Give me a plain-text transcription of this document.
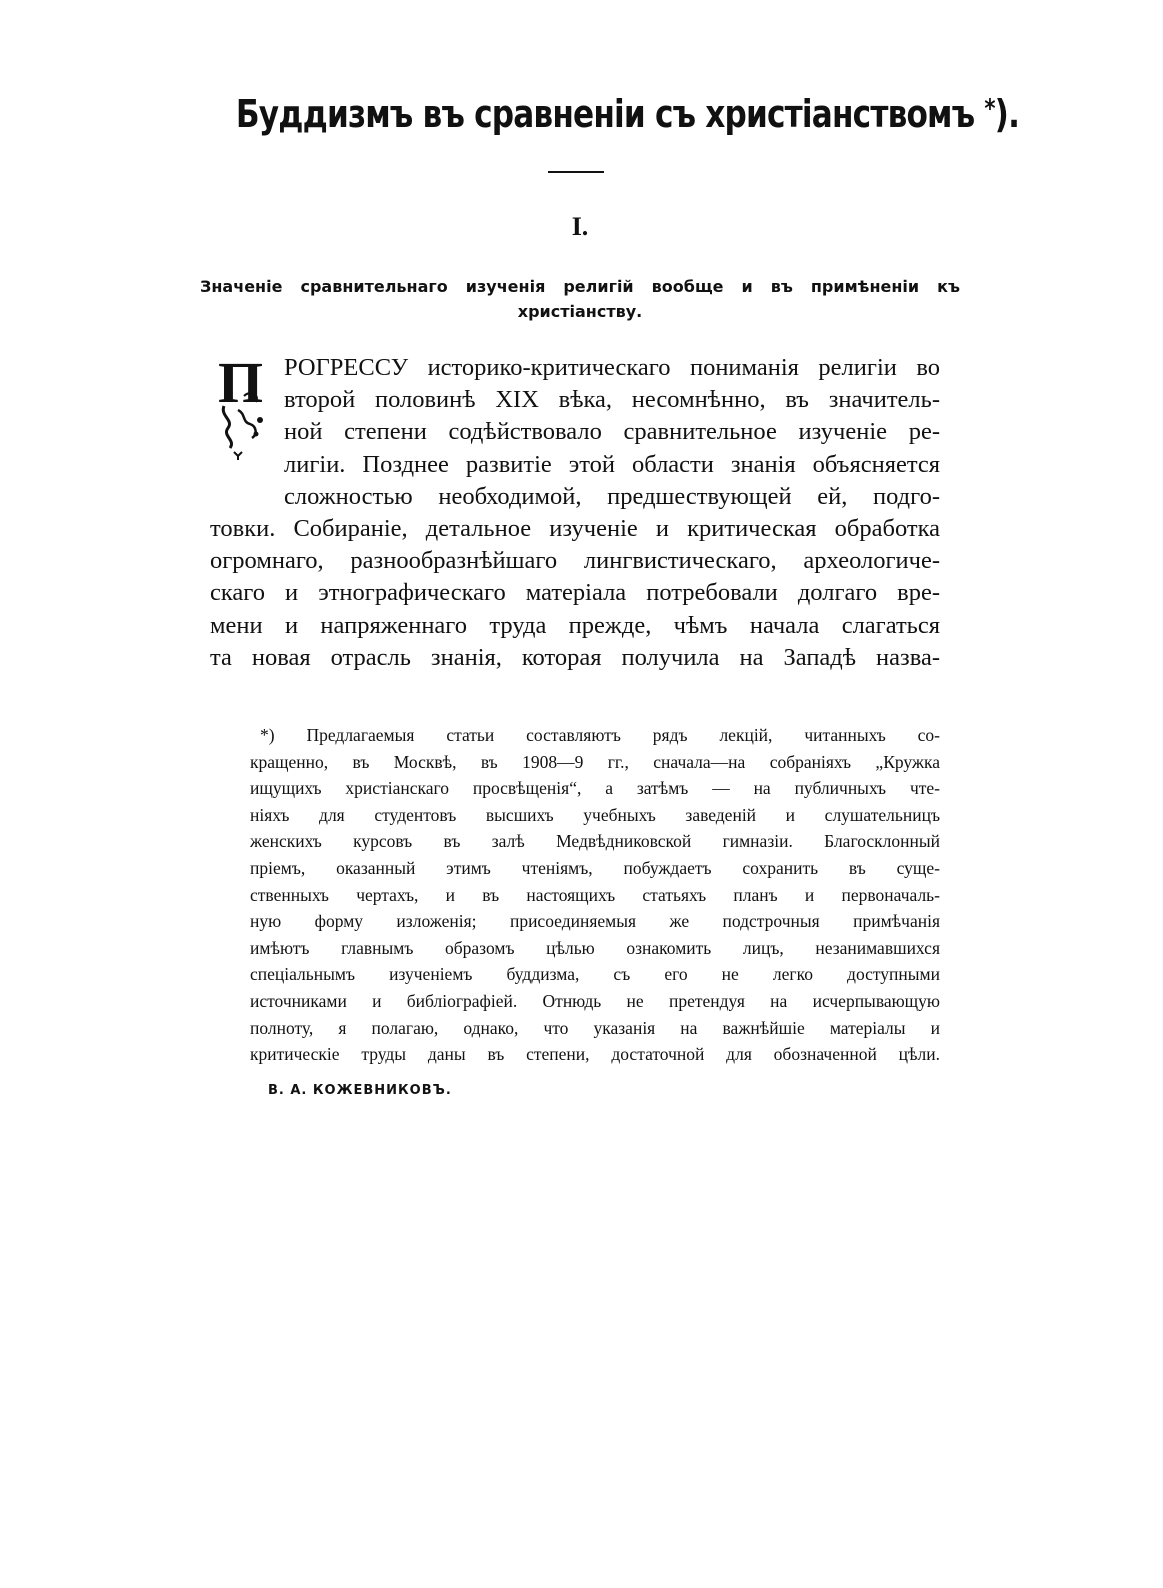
Буддизмъ въ сравненіи съ христіанствомъ *).
I.
Значеніе сравнительнаго изученія религій вообще и въ примѣненіи къ
христіанству.
П РОГРЕССУ историко-критическаго пониманія религіи во
второй половинѣ XIX вѣка, несомнѣнно, въ значитель-
ной степени содѣйствовало сравнительное изученіе ре-
лигіи. Позднее развитіе этой области знанія объясняется
сложностью необходимой, предшествующей ей, подго-
товки. Собираніе, детальное изученіе и критическая обработка
огромнаго, разнообразнѣйшаго лингвистическаго, археологиче-
скаго и этнографическаго матеріала потребовали долгаго вре-
мени и напряженнаго труда прежде, чѣмъ начала слагаться
та новая отрасль знанія, которая получила на Западѣ назва-
*) Предлагаемыя статьи составляютъ рядъ лекцій, читанныхъ со-
кращенно, въ Москвѣ, въ 1908—9 гг., сначала—на собраніяхъ „Кружка
ищущихъ христіанскаго просвѣщенія“, а затѣмъ — на публичныхъ чте-
ніяхъ для студентовъ высшихъ учебныхъ заведеній и слушательницъ
женскихъ курсовъ въ залѣ Медвѣдниковской гимназіи. Благосклонный
пріемъ, оказанный этимъ чтеніямъ, побуждаетъ сохранить въ суще-
ственныхъ чертахъ, и въ настоящихъ статьяхъ планъ и первоначаль-
ную форму изложенія; присоединяемыя же подстрочныя примѣчанія
имѣютъ главнымъ образомъ цѣлью ознакомить лицъ, незанимавшихся
спеціальнымъ изученіемъ буддизма, съ его не легко доступными
источниками и библіографіей. Отнюдь не претендуя на исчерпывающую
полноту, я полагаю, однако, что указанія на важнѣйшіе матеріалы и
критическіе труды даны въ степени, достаточной для обозначенной цѣли.
В. А. КОЖЕВНИКОВЪ.
